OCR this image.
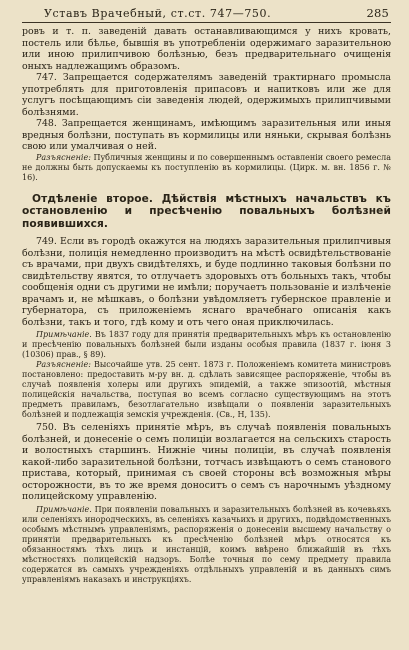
Уставъ Врачебный, ст.ст. 747—750.	285

ровъ и т. п. заведеній давать останавливающимся у нихъ кровать, постель или бѣлье, бывшія въ употребленіи одержимаго заразительною или иною прилипчивою болѣзнью, безъ предварительнаго очищенія оныхъ надлежащимъ образомъ.

747. Запрещается содержателямъ заведеній трактирнаго промысла употреблять для приготовленія припасовъ и напитковъ или же для услугъ посѣщающимъ сіи заведенія людей, одержимыхъ прилипчивыми болѣзнями.

748. Запрещается женщинамъ, имѣющимъ заразительныя или иныя вредныя болѣзни, поступать въ кормилицы или няньки, скрывая болѣзнь свою или умалчивая о ней.

Разъясненіе: Публичныя женщины и по совершеннымъ оставленіи своего ремесла не должны быть допускаемы къ поступленію въ кормилицы. (Цирк. м. вн. 1856 г. № 16).

Отдѣленіе второе. Дѣйствія мѣстныхъ начальствъ къ остановленію и пресѣченію повальныхъ болѣзней появившихся.

749. Если въ городѣ окажутся на людяхъ заразительныя прилипчивыя болѣзни, полиція немедленно производитъ на мѣстѣ освидѣтельствованіе съ врачами, при двухъ свидѣтеляхъ, и буде подлинно таковыя болѣзни по свидѣтельству явятся, то отлучаетъ здоровыхъ отъ больныхъ такъ, чтобы сообщенія одни съ другими не имѣли; поручаетъ пользованіе и излѣченіе врачамъ и, не мѣшкавъ, о болѣзни увѣдомляетъ губернское правленіе и губернатора, съ приложеніемъ яснаго врачебнаго описанія какъ болѣзни, такъ и того, гдѣ кому и отъ чего оная приключилась.

Примѣчаніе. Въ 1837 году для принятія предварительныхъ мѣръ къ остановленію и пресѣченію повальныхъ болѣзней были изданы особыя правила (1837 г. іюня 3 (10306) прав., § 89).

Разъясненіе: Высочайше утв. 25 сент. 1873 г. Положеніемъ комитета министровъ постановлено: предоставить м-ру вн. д. сдѣлать зависящее распоряженіе, чтобы въ случаѣ появленія холеры или другихъ эпидемій, а также эпизоотій, мѣстныя полицейскія начальства, поступая во всемъ согласно существующимъ на этотъ предметъ правиламъ, безотлагательно извѣщали о появленіи заразительныхъ болѣзней и подлежащія земскія учрежденія. (Св., Н, 135).

750. Въ селеніяхъ принятіе мѣръ, въ случаѣ появленія повальныхъ болѣзней, и донесеніе о семъ полиціи возлагается на сельскихъ старость и волостныхъ старшинъ. Нижніе чины полиціи, въ случаѣ появленія какой-либо заразительной болѣзни, тотчасъ извѣщаютъ о семъ станового пристава, который, принимая съ своей стороны всѣ возможныя мѣры осторожности, въ то же время доноситъ о семъ съ нарочнымъ уѣздному полицейскому управленію.

Примѣчаніе. При появленіи повальныхъ и заразительныхъ болѣзней въ кочевьяхъ или селеніяхъ инородческихъ, въ селеніяхъ казачьихъ и другихъ, подвѣдомственныхъ особымъ мѣстнымъ управленіямъ, распоряженія о донесеніи высшему начальству о принятіи предварительныхъ къ пресѣченію болѣзней мѣръ относятся къ обязанностямъ тѣхъ лицъ и инстанцій, коимъ ввѣрено ближайшій въ тѣхъ мѣстностяхъ полицейскій надзоръ. Болѣе точныя по сему предмету правила содержатся въ самыхъ учрежденіяхъ отдѣльныхъ управленій и въ данныхъ симъ управленіямъ наказахъ и инструкціяхъ.
